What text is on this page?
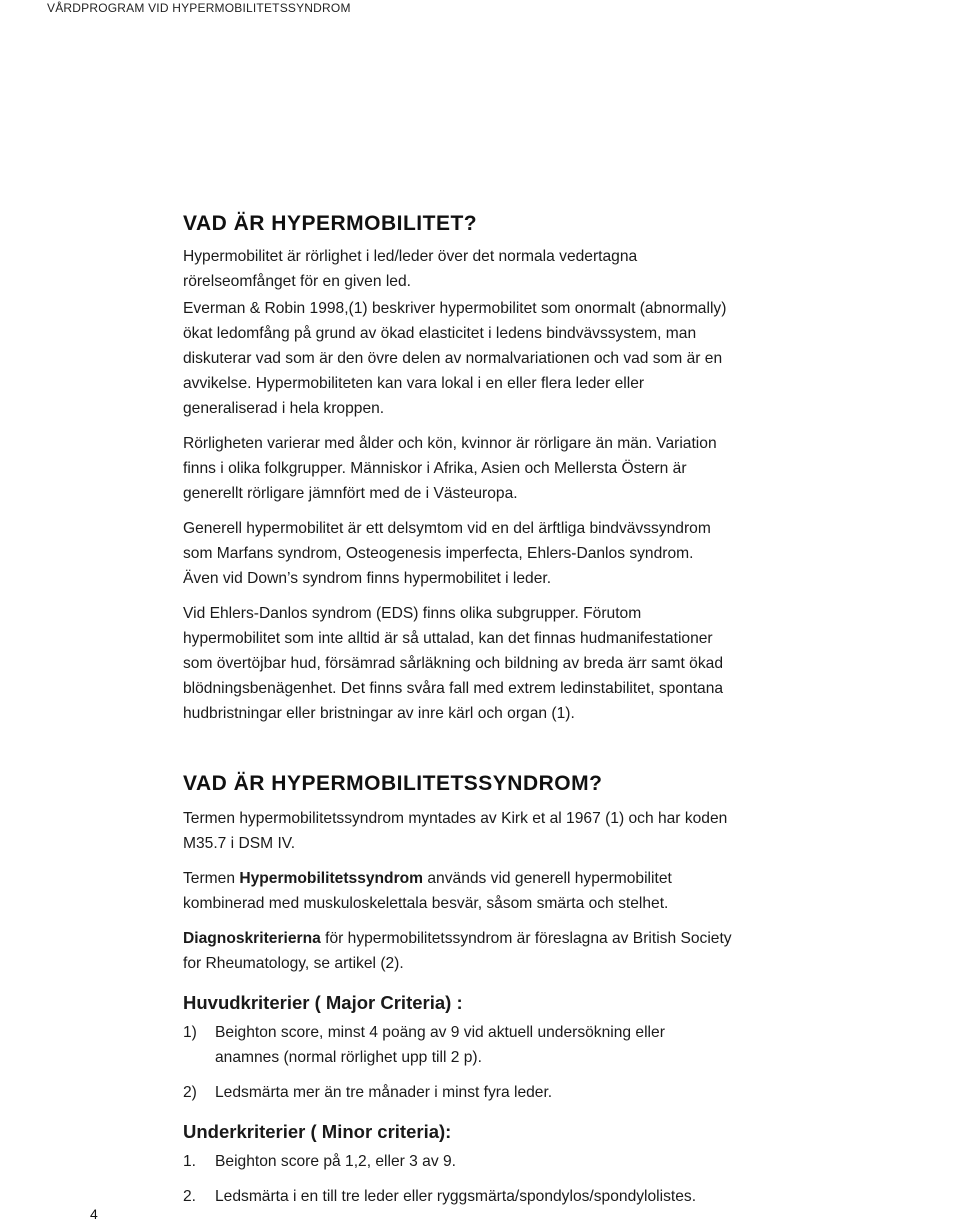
VÅRDPROGRAM VID HYPERMOBILITETSSYNDROM
VAD ÄR HYPERMOBILITET?

Hypermobilitet är rörlighet i led/leder över det normala vedertagna rörelseomfånget för en given led.

Everman & Robin 1998,(1) beskriver hypermobilitet som onormalt (abnormally) ökat ledomfång på grund av ökad elasticitet i ledens bindvävssystem, man diskuterar vad som är den övre delen av normalvariationen och vad som är en avvikelse. Hypermobiliteten kan vara lokal i en eller flera leder eller generaliserad i hela kroppen.

Rörligheten varierar med ålder och kön, kvinnor är rörligare än män. Variation finns i olika folkgrupper. Människor i Afrika, Asien och Mellersta Östern är generellt rörligare jämnfört med de i Västeuropa.

Generell hypermobilitet är ett delsymtom vid en del ärftliga bindvävssyndrom som Marfans syndrom, Osteogenesis imperfecta, Ehlers-Danlos syndrom. Även vid Down’s syndrom finns hypermobilitet i leder.

Vid Ehlers-Danlos syndrom (EDS) finns olika subgrupper. Förutom hypermobilitet som inte alltid är så uttalad, kan det finnas hudmanifestationer som övertöjbar hud, försämrad sårläkning och bildning av breda ärr samt ökad blödningsbenägenhet. Det finns svåra fall med extrem ledinstabilitet, spontana hudbristningar eller bristningar av inre kärl och organ (1).

VAD ÄR HYPERMOBILITETSSYNDROM?

Termen hypermobilitetssyndrom myntades av Kirk et al 1967 (1) och har koden M35.7 i DSM IV.

Termen Hypermobilitetssyndrom används vid generell hypermobilitet kombinerad med muskuloskelettala besvär, såsom smärta och stelhet.

Diagnoskriterierna för hypermobilitetssyndrom är föreslagna av British Society for Rheumatology, se artikel (2).

Huvudkriterier ( Major Criteria) :
1)	Beighton score, minst 4 poäng av 9 vid aktuell undersökning eller anamnes (normal rörlighet upp till 2 p).
2)	Ledsmärta mer än tre månader i minst fyra leder.
Underkriterier ( Minor criteria):
1.	Beighton score på 1,2, eller 3 av 9.
2.	Ledsmärta i en till tre leder eller ryggsmärta/spondylos/spondylolistes.
4
